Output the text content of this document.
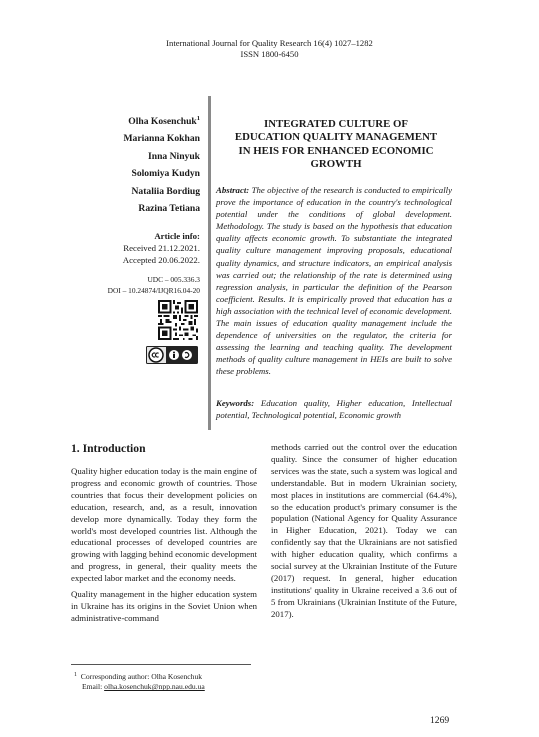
International Journal for Quality Research 16(4) 1027–1282
ISSN 1800-6450
Olha Kosenchuk$^1$
Marianna Kokhan
Inna Ninyuk
Solomiya Kudyn
Nataliia Bordiug
Razina Tetiana
INTEGRATED CULTURE OF
EDUCATION QUALITY MANAGEMENT
IN HEIS FOR ENHANCED ECONOMIC
GROWTH
Abstract: The objective of the research is conducted to empirically prove the importance of education in the country's technological potential under the conditions of global development. Methodology. The study is based on the hypothesis that education quality affects economic growth. To substantiate the integrated quality culture management improving proposals, educational quality dynamics, and structure indicators, an empirical analysis was carried out; the relationship of the rate is determined using regression analysis, in particular the definition of the Pearson coefficient. Results. It is empirically proved that education has a high association with the technical level of economic development. The main issues of education quality management include the dependence of universities on the regulator, the criteria for assessing the learning and teaching quality. The development methods of quality culture management in HEIs are built to solve these problems.
Keywords: Education quality, Higher education, Intellectual potential, Technological potential, Economic growth
Article info:
Received 21.12.2021.
Accepted 20.06.2022.
UDC – 005.336.3
DOI – 10.24874/IJQR16.04-20
1. Introduction

Quality higher education today is the main engine of progress and economic growth of countries. Those countries that focus their development policies on education, research, and, as a result, innovation develop more dynamically. Today they form the world's most developed countries list. Although the educational processes of developed countries are growing with lagging behind economic development and progress, in general, their quality meets the expected labor market and the economy needs.

Quality management in the higher education system in Ukraine has its origins in the Soviet Union when administrative-command

methods carried out the control over the education quality. Since the consumer of higher education services was the state, such a system was logical and understandable. But in modern Ukrainian society, most places in institutions are commercial (64.4%), so the education product's primary consumer is the population (National Agency for Quality Assurance in Higher Education, 2021). Today we can confidently say that the Ukrainians are not satisfied with higher education quality, which confirms a social survey at the Ukrainian Institute of the Future (2017) request. In general, higher education institutions' quality in Ukraine received a 3.6 out of 5 from Ukrainians (Ukrainian Institute of the Future, 2017).

$^1$ Corresponding author: Olha Kosenchuk
Email: olha.kosenchuk@npp.nau.edu.ua
1269
